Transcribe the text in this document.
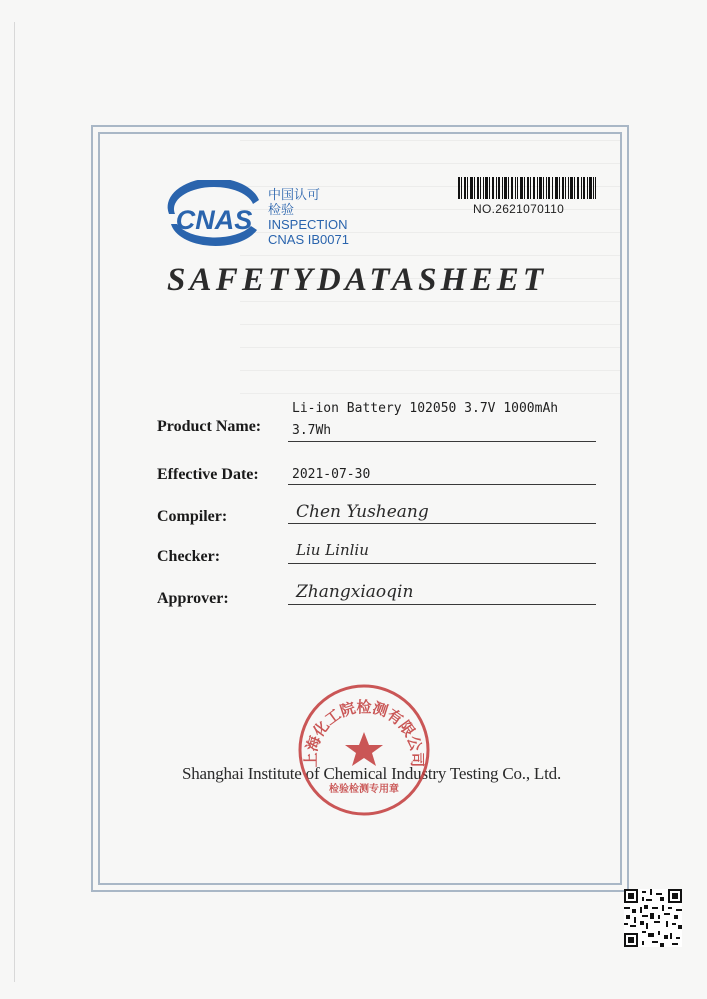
CNAS
中国认可
检验
INSPECTION
CNAS IB0071
NO.2621070110
SAFETYDATASHEET
Product Name:
Li-ion Battery 102050 3.7V 1000mAh
3.7Wh
Effective Date:	2021-07-30
Compiler:	Chen Yusheang
Checker:	Liu Linliu
Approver:	Zhangxiaoqin
Shanghai Institute of Chemical Industry Testing Co., Ltd.
上海化工院检测有限公司
检验检测专用章
